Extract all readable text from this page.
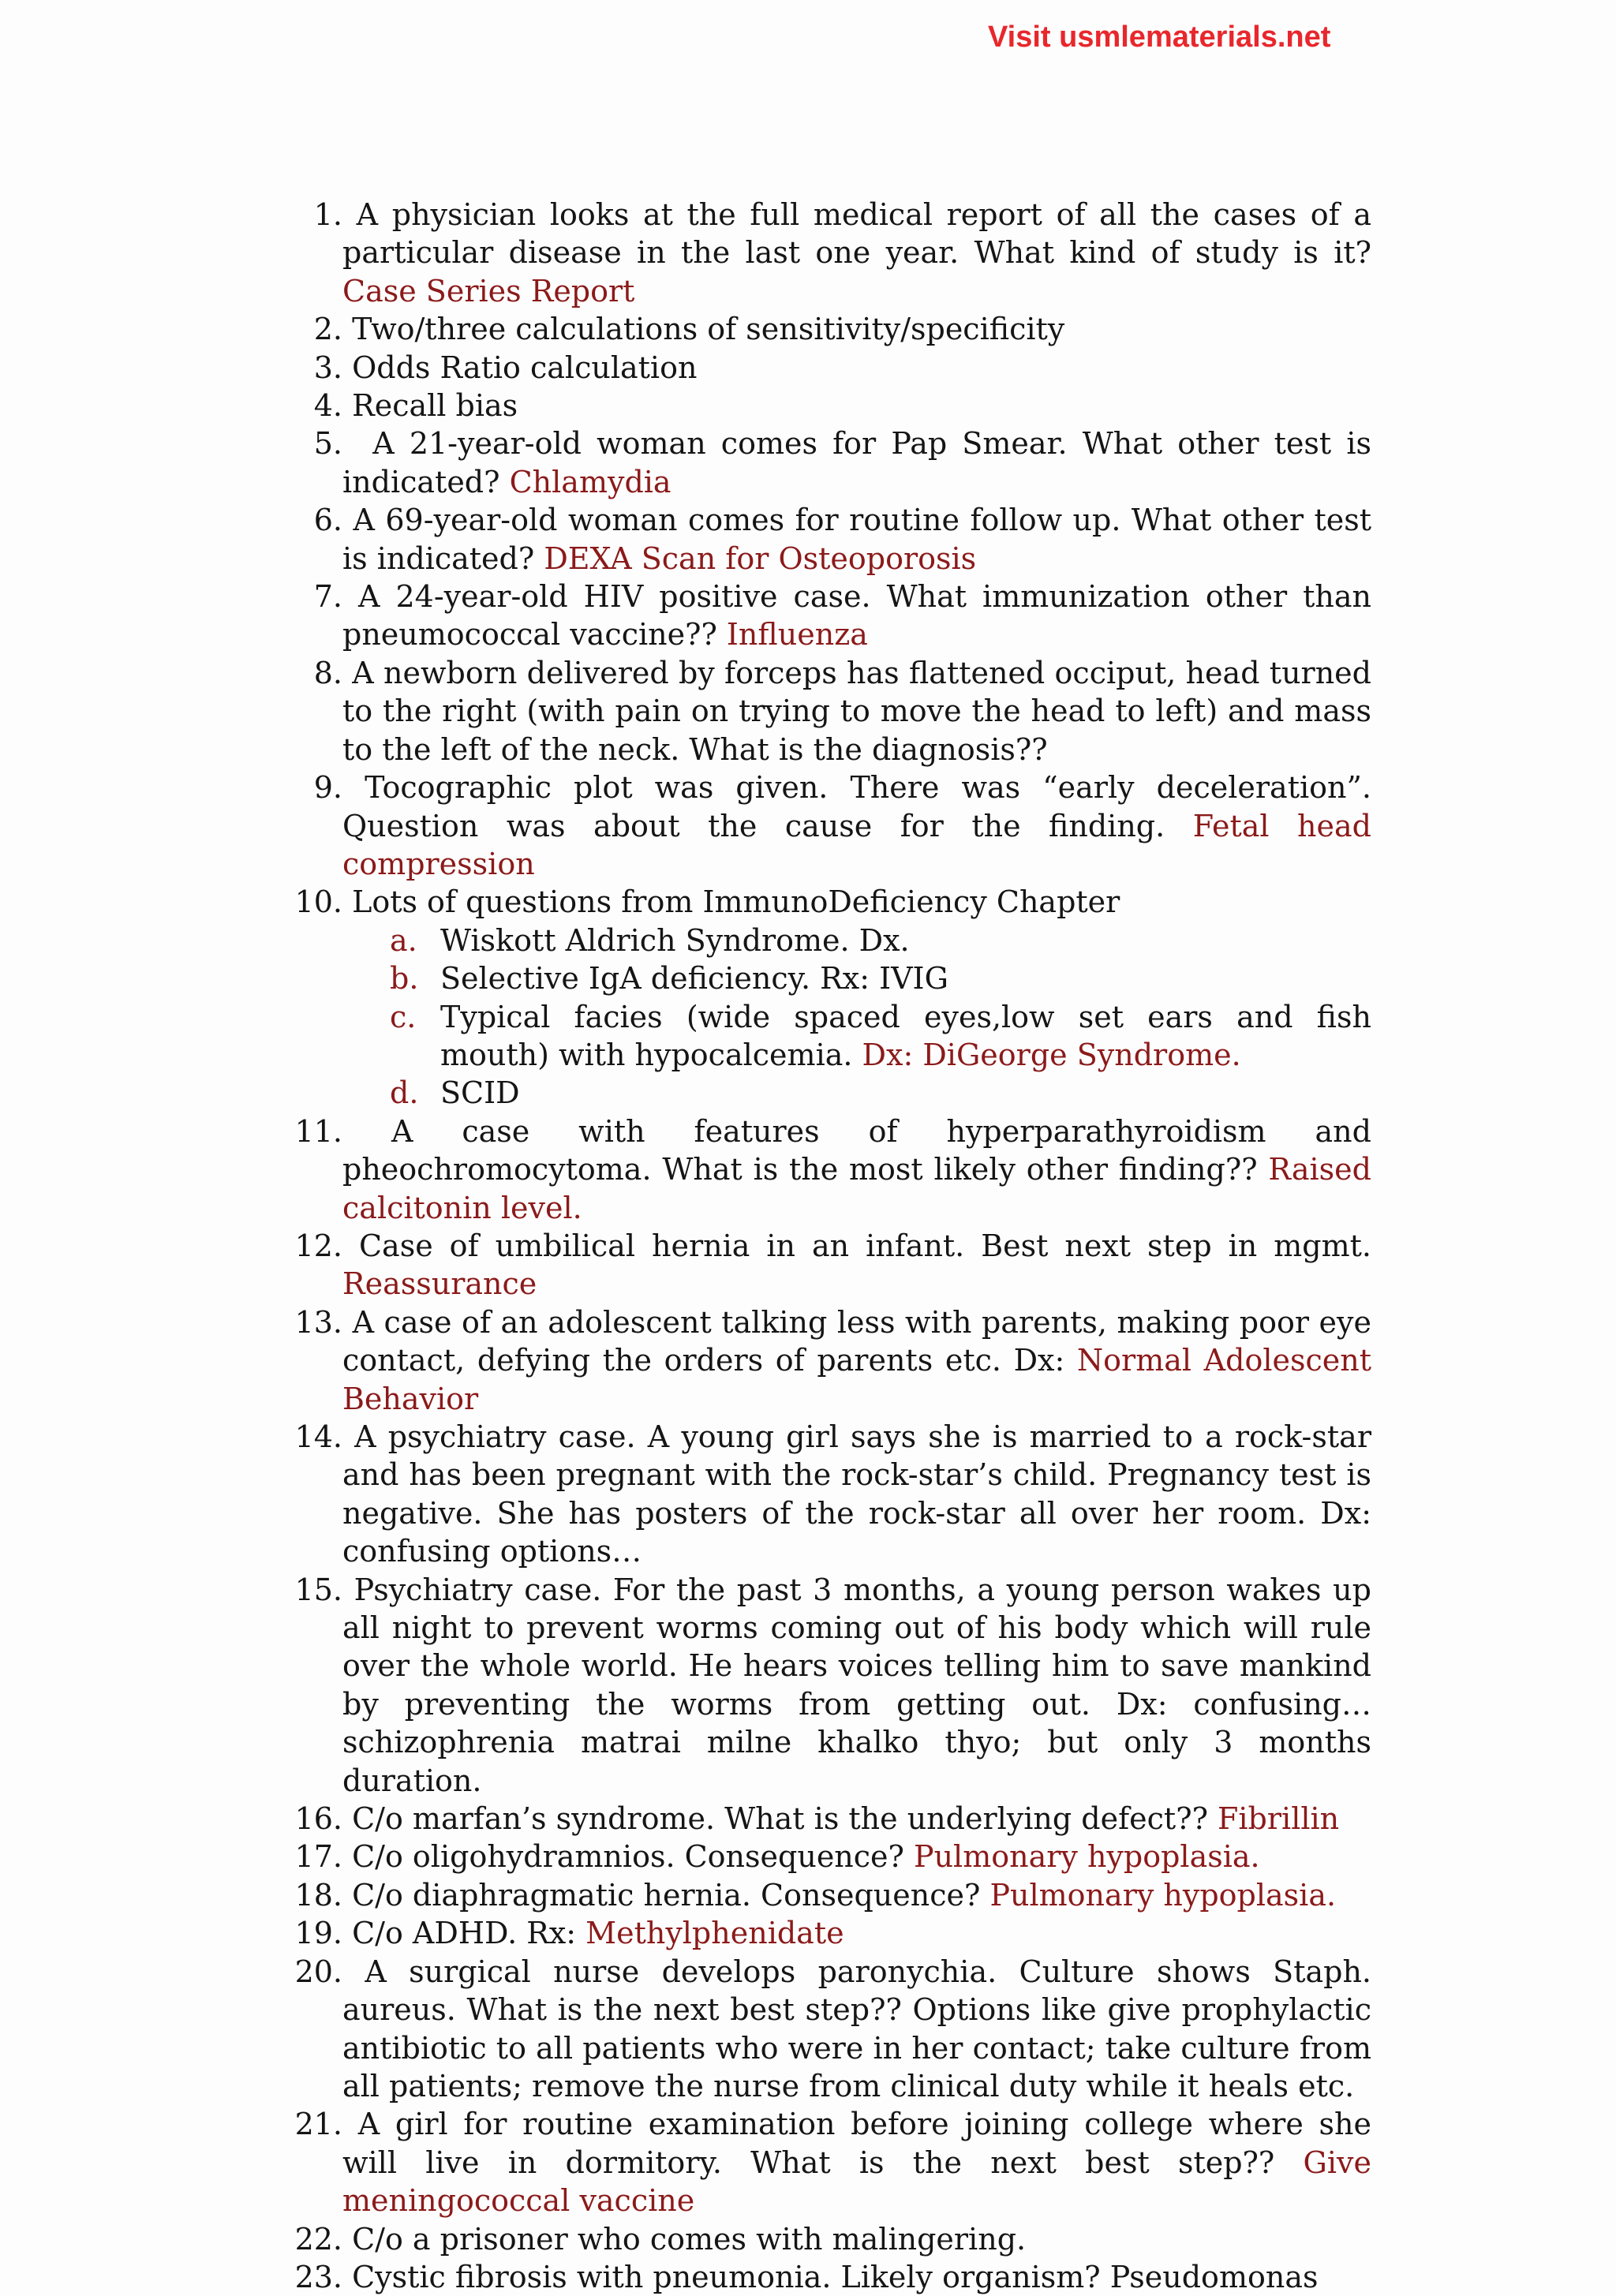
Visit usmlematerials.net
1. A physician looks at the full medical report of all the cases of a particular disease in the last one year. What kind of study is it? Case Series Report
2. Two/three calculations of sensitivity/specificity
3. Odds Ratio calculation
4. Recall bias
5. A 21-year-old woman comes for Pap Smear. What other test is indicated? Chlamydia
6. A 69-year-old woman comes for routine follow up. What other test is indicated? DEXA Scan for Osteoporosis
7. A 24-year-old HIV positive case. What immunization other than pneumococcal vaccine?? Influenza
8. A newborn delivered by forceps has flattened occiput, head turned to the right (with pain on trying to move the head to left) and mass to the left of the neck. What is the diagnosis??
9. Tocographic plot was given. There was “early deceleration”. Question was about the cause for the finding. Fetal head compression
10. Lots of questions from ImmunoDeficiency Chapter
a. Wiskott Aldrich Syndrome. Dx.
b. Selective IgA deficiency. Rx: IVIG
c. Typical facies (wide spaced eyes,low set ears and fish mouth) with hypocalcemia. Dx: DiGeorge Syndrome.
d. SCID
11.	A case with features of hyperparathyroidism and pheochromocytoma. What is the most likely other finding?? Raised calcitonin level.
12. Case of umbilical hernia in an infant. Best next step in mgmt. Reassurance
13. A case of an adolescent talking less with parents, making poor eye contact, defying the orders of parents etc. Dx: Normal Adolescent Behavior
14. A psychiatry case. A young girl says she is married to a rock-star and has been pregnant with the rock-star’s child. Pregnancy test is negative. She has posters of the rock-star all over her room. Dx: confusing options…
15. Psychiatry case. For the past 3 months, a young person wakes up all night to prevent worms coming out of his body which will rule over the whole world. He hears voices telling him to save mankind by preventing the worms from getting out. Dx: confusing…schizophrenia matrai milne khalko thyo; but only 3 months duration.
16. C/o marfan’s syndrome. What is the underlying defect?? Fibrillin
17. C/o oligohydramnios. Consequence? Pulmonary hypoplasia.
18. C/o diaphragmatic hernia. Consequence? Pulmonary hypoplasia.
19. C/o ADHD. Rx: Methylphenidate
20. A surgical nurse develops paronychia. Culture shows Staph. aureus. What is the next best step?? Options like give prophylactic antibiotic to all patients who were in her contact; take culture from all patients; remove the nurse from clinical duty while it heals etc.
21. A girl for routine examination before joining college where she will live in dormitory. What is the next best step?? Give meningococcal vaccine
22. C/o a prisoner who comes with malingering.
23. Cystic fibrosis with pneumonia. Likely organism? Pseudomonas
